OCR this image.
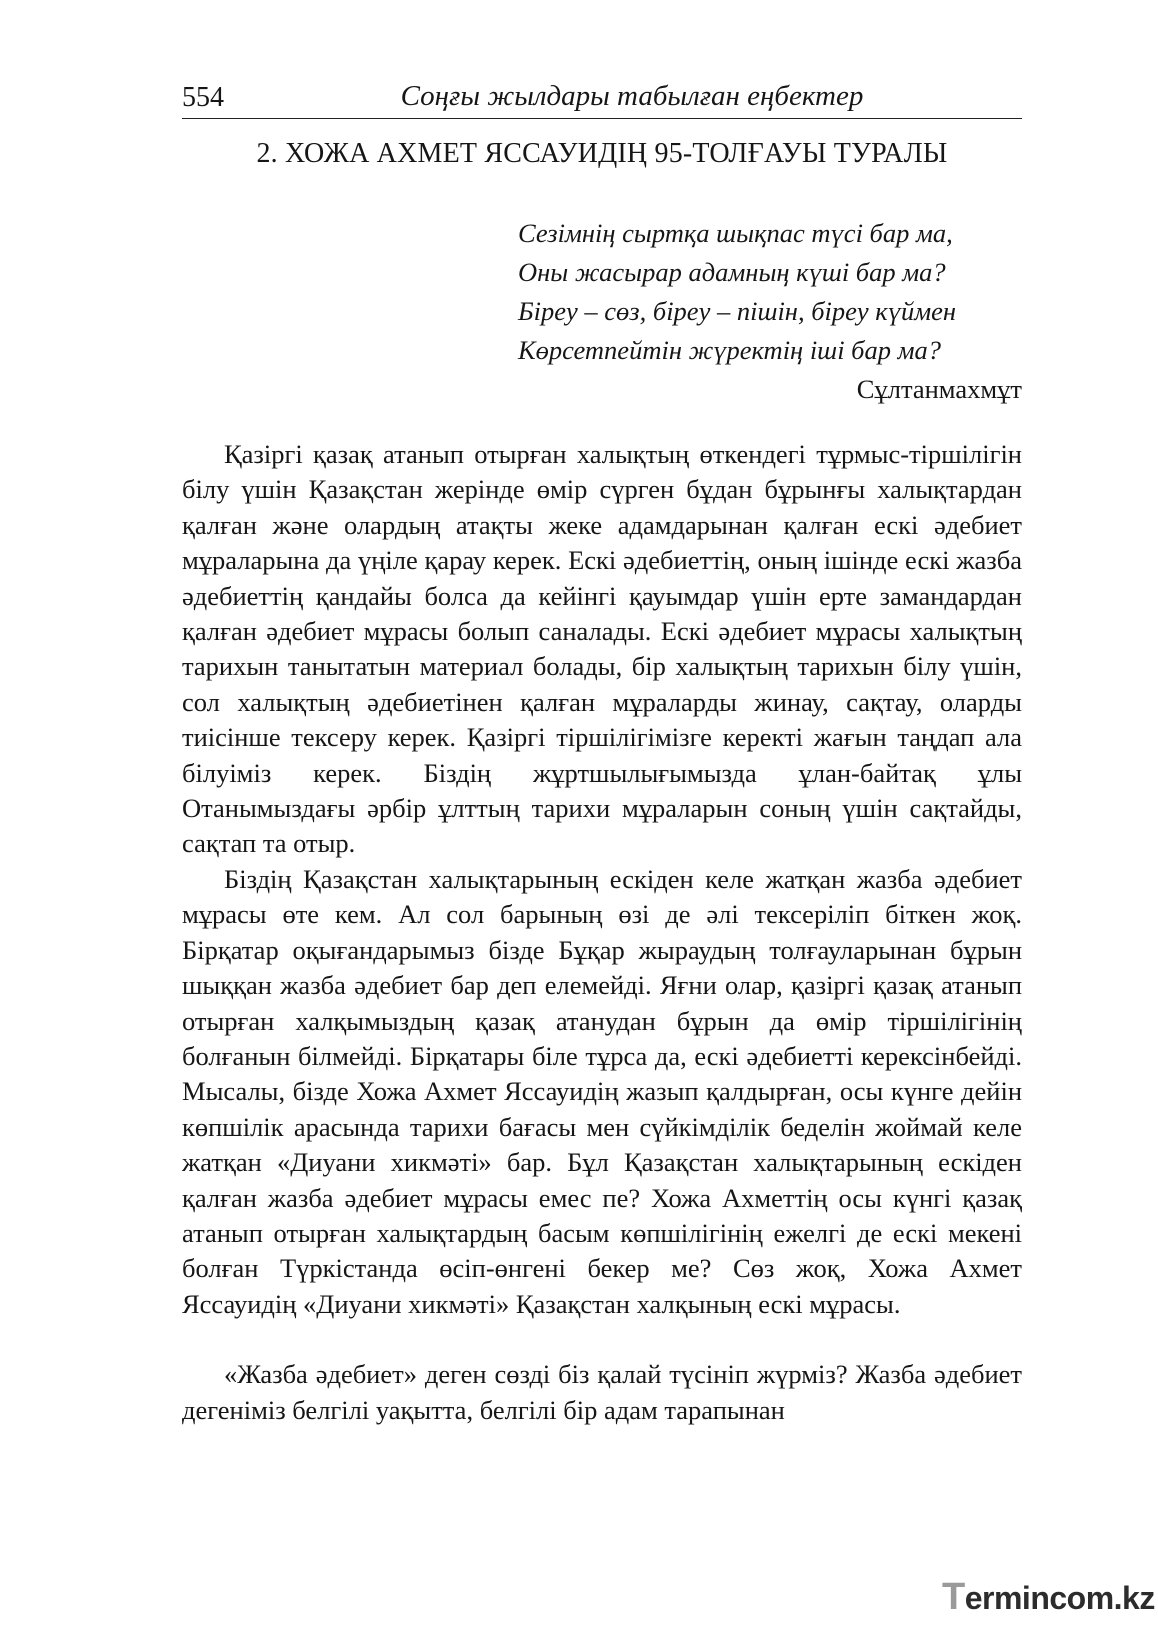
554	Соңғы жылдары табылған еңбектер
2. ХОЖА АХМЕТ ЯССАУИДІҢ 95-ТОЛҒАУЫ ТУРАЛЫ
Сезімнің сыртқа шықпас түсі бар ма,
Оны жасырар адамның күші бар ма?
Біреу – сөз, біреу – пішін, біреу күймен
Көрсетпейтін жүректің іші бар ма?
Сұлтанмахмұт

Қазіргі қазақ атанып отырған халықтың өткендегі тұрмыс-тіршілігін білу үшін Қазақстан жерінде өмір сүрген бұдан бұрынғы халықтардан қалған және олардың атақты жеке адамдарынан қалған ескі әдебиет мұраларына да үңіле қарау керек. Ескі әдебиеттің, оның ішінде ескі жазба әдебиеттің қандайы болса да кейінгі қауымдар үшін ерте замандардан қалған әдебиет мұрасы болып саналады. Ескі әдебиет мұрасы халықтың тарихын танытатын материал болады, бір халықтың тарихын білу үшін, сол халықтың әдебиетінен қалған мұраларды жинау, сақтау, оларды тиісінше тексеру керек. Қазіргі тіршілігімізге керекті жағын таңдап ала білуіміз керек. Біздің жұртшылығымызда ұлан-байтақ ұлы Отанымыздағы әрбір ұлттың тарихи мұраларын соның үшін сақтайды, сақтап та отыр.

Біздің Қазақстан халықтарының ескіден келе жатқан жазба әдебиет мұрасы өте кем. Ал сол барының өзі де әлі тексеріліп біткен жоқ. Бірқатар оқығандарымыз бізде Бұқар жыраудың толғауларынан бұрын шыққан жазба әдебиет бар деп елемейді. Яғни олар, қазіргі қазақ атанып отырған халқымыздың қазақ атанудан бұрын да өмір тіршілігінің болғанын білмейді. Бірқатары біле тұрса да, ескі әдебиетті керексінбейді. Мысалы, бізде Хожа Ахмет Яссауидің жазып қалдырған, осы күнге дейін көпшілік арасында тарихи бағасы мен сүйкімділік беделін жоймай келе жатқан «Диуани хикмәті» бар. Бұл Қазақстан халықтарының ескіден қалған жазба әдебиет мұрасы емес пе? Хожа Ахметтің осы күнгі қазақ атанып отырған халықтардың басым көпшілігінің ежелгі де ескі мекені болған Түркістанда өсіп-өнгені бекер ме? Сөз жоқ, Хожа Ахмет Яссауидің «Диуани хикмәті» Қазақстан халқының ескі мұрасы.

«Жазба әдебиет» деген сөзді біз қалай түсініп жүрміз? Жазба әдебиет дегеніміз белгілі уақытта, белгілі бір адам тарапынан

Termincom.kz
